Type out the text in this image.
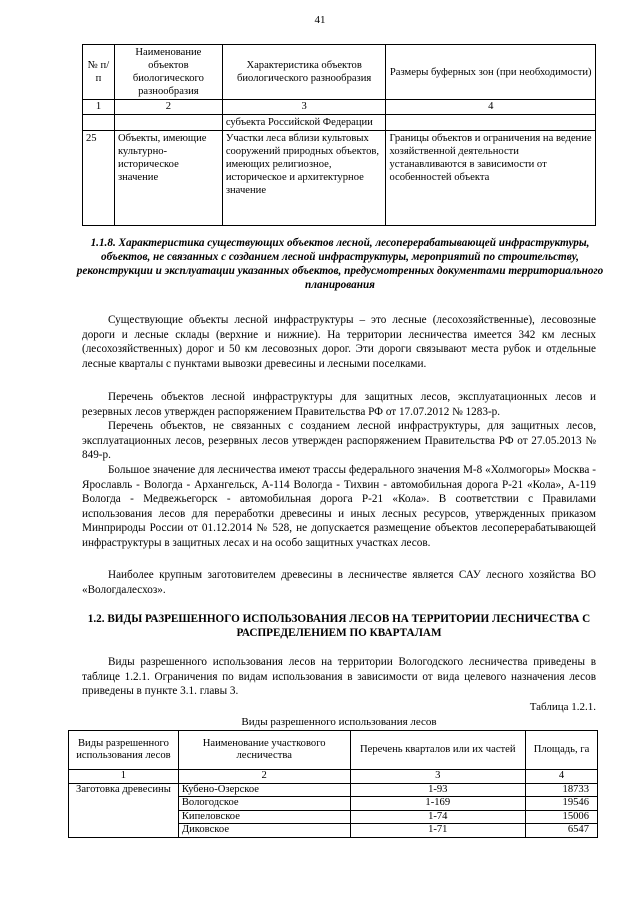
41
№ п/п	Наименование объектов биологического разнообразия	Характеристика объектов биологического разнообразия	Размеры буферных зон (при необходимости)
1	2	3	4
		субъекта Российской Федерации	
25	Объекты, имеющие культурно-историческое значение	Участки леса вблизи культовых сооружений природных объектов, имеющих религиозное, историческое и архитектурное значение	Границы объектов и ограничения на ведение хозяйственной деятельности устанавливаются в зависимости от особенностей объекта
1.1.8. Характеристика существующих объектов лесной, лесоперерабатывающей инфраструктуры, объектов, не связанных с созданием лесной инфраструктуры, мероприятий по строительству, реконструкции и эксплуатации указанных объектов, предусмотренных документами территориального планирования
Существующие объекты лесной инфраструктуры – это лесные (лесохозяйственные), лесовозные дороги и лесные склады (верхние и нижние). На территории лесничества имеется 342 км лесных (лесохозяйственных) дорог и 50 км лесовозных дорог. Эти дороги связывают места рубок и отдельные лесные кварталы с пунктами вывозки древесины и лесными поселками.
Перечень объектов лесной инфраструктуры для защитных лесов, эксплуатационных лесов и резервных лесов утвержден распоряжением Правительства РФ от 17.07.2012 № 1283-р.
Перечень объектов, не связанных с созданием лесной инфраструктуры, для защитных лесов, эксплуатационных лесов, резервных лесов утвержден распоряжением Правительства РФ от 27.05.2013 № 849-р.
Большое значение для лесничества имеют трассы федерального значения М-8 «Холмогоры» Москва - Ярославль - Вологда - Архангельск, А-114 Вологда - Тихвин - автомобильная дорога Р-21 «Кола», А-119 Вологда - Медвежьегорск - автомобильная дорога Р-21 «Кола». В соответствии с Правилами использования лесов для переработки древесины и иных лесных ресурсов, утвержденных приказом Минприроды России от 01.12.2014 № 528, не допускается размещение объектов лесоперерабатывающей инфраструктуры в защитных лесах и на особо защитных участках лесов.
Наиболее крупным заготовителем древесины в лесничестве является САУ лесного хозяйства ВО «Вологдалесхоз».
1.2. ВИДЫ РАЗРЕШЕННОГО ИСПОЛЬЗОВАНИЯ ЛЕСОВ НА ТЕРРИТОРИИ ЛЕСНИЧЕСТВА С РАСПРЕДЕЛЕНИЕМ ПО КВАРТАЛАМ
Виды разрешенного использования лесов на территории Вологодского лесничества приведены в таблице 1.2.1. Ограничения по видам использования в зависимости от вида целевого назначения лесов приведены в пункте 3.1. главы 3.
Таблица 1.2.1.
Виды разрешенного использования лесов
Виды разрешенного использования лесов	Наименование участкового лесничества	Перечень кварталов или их частей	Площадь, га
1	2	3	4
Заготовка древесины	Кубено-Озерское	1-93	18733
	Вологодское	1-169	19546
	Кипеловское	1-74	15006
	Диковское	1-71	6547
